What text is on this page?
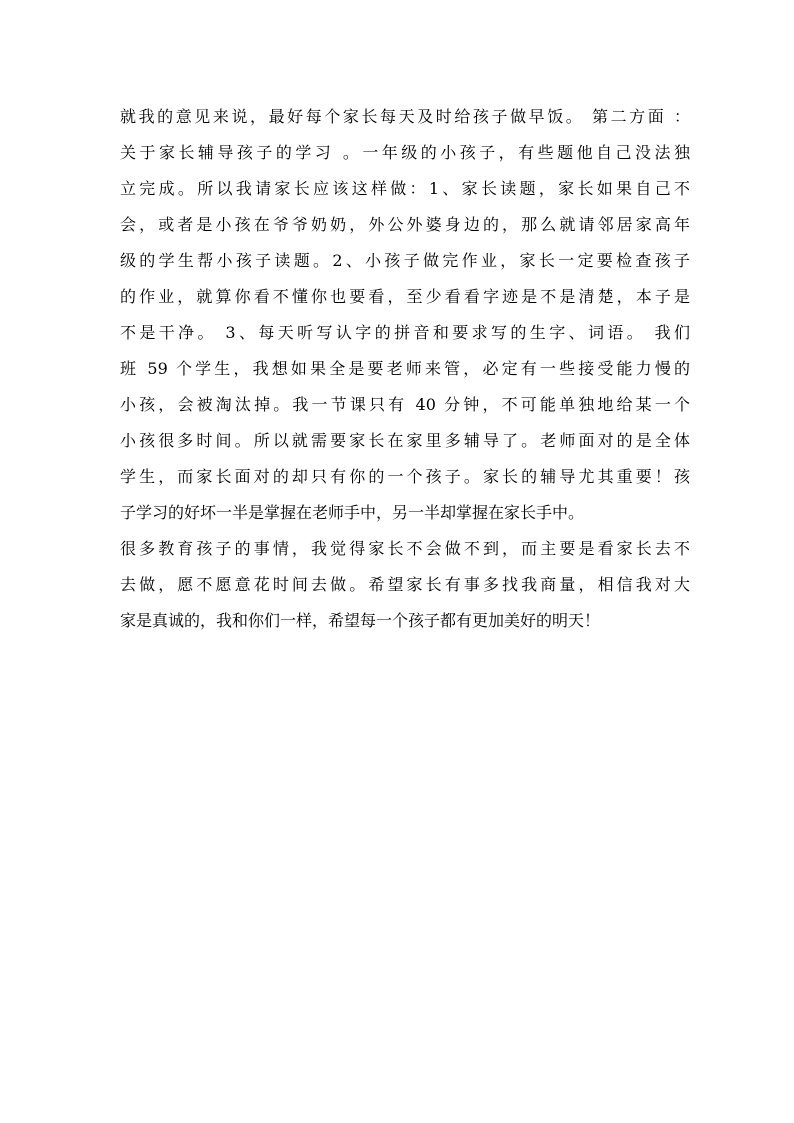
就我的意见来说，最好每个家长每天及时给孩子做早饭。 第二方面 ：
关于家长辅导孩子的学习 。一年级的小孩子，有些题他自己没法独
立完成。所以我请家长应该这样做：1、家长读题，家长如果自己不
会，或者是小孩在爷爷奶奶，外公外婆身边的，那么就请邻居家高年
级的学生帮小孩子读题。2、小孩子做完作业，家长一定要检查孩子
的作业，就算你看不懂你也要看，至少看看字迹是不是清楚，本子是
不是干净。 3、每天听写认字的拼音和要求写的生字、词语。 我们
班 59 个学生，我想如果全是要老师来管，必定有一些接受能力慢的
小孩，会被淘汰掉。我一节课只有 40 分钟，不可能单独地给某一个
小孩很多时间。所以就需要家长在家里多辅导了。老师面对的是全体
学生，而家长面对的却只有你的一个孩子。家长的辅导尤其重要！孩
子学习的好坏一半是掌握在老师手中，另一半却掌握在家长手中。
很多教育孩子的事情，我觉得家长不会做不到，而主要是看家长去不
去做，愿不愿意花时间去做。希望家长有事多找我商量，相信我对大
家是真诚的，我和你们一样，希望每一个孩子都有更加美好的明天！
